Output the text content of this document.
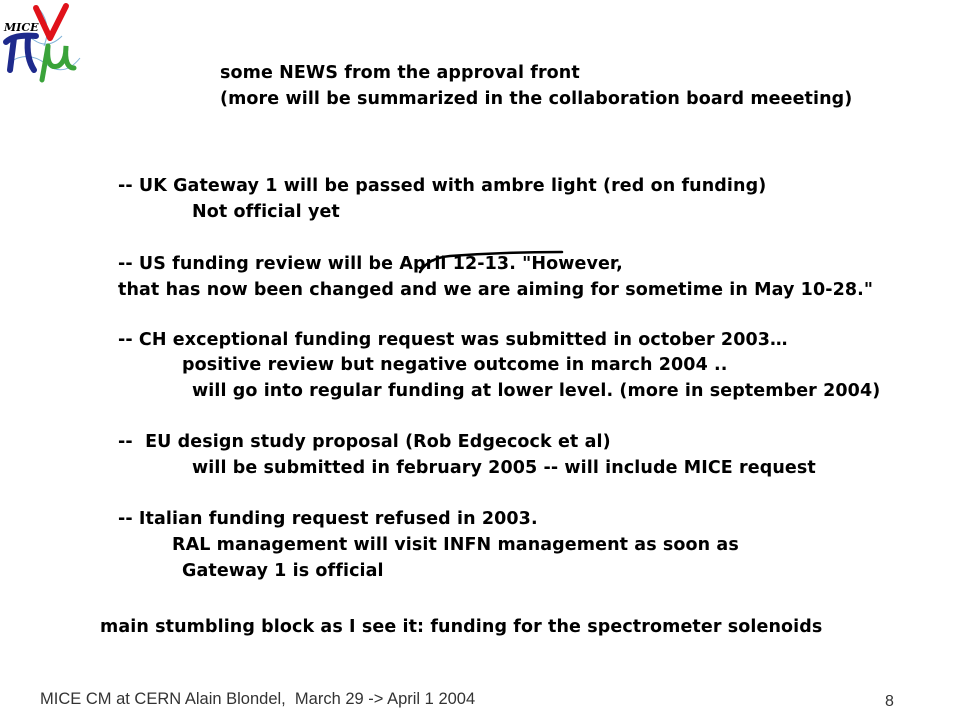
MICE
some NEWS from the approval front
(more will be summarized in the collaboration board meeeting)
-- UK Gateway 1 will be passed with ambre light (red on funding)
Not official yet
-- US funding review will be April 12-13. "However,
that has now been changed and we are aiming for sometime in May 10-28."
-- CH exceptional funding request was submitted in october 2003…
positive review but negative outcome in march 2004 ..
will go into regular funding at lower level. (more in september 2004)
--  EU design study proposal (Rob Edgecock et al)
will be submitted in february 2005 -- will include MICE request
-- Italian funding request refused in 2003.
RAL management will visit INFN management as soon as
Gateway 1 is official
main stumbling block as I see it: funding for the spectrometer solenoids
MICE CM at CERN Alain Blondel,  March 29 -> April 1 2004	8
